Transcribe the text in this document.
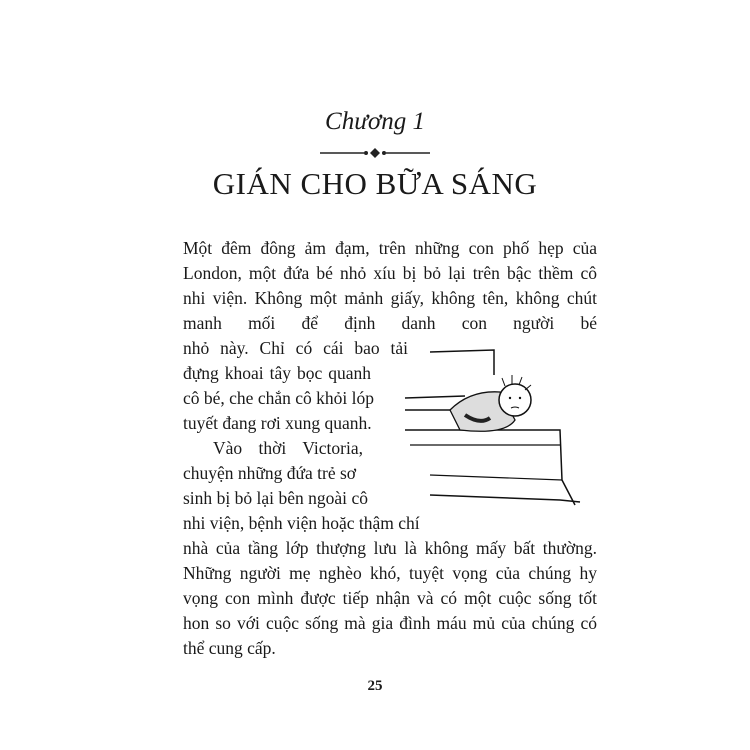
Chương 1
GIÁN CHO BỮA SÁNG
Một đêm đông ảm đạm, trên những con phố hẹp của
London, một đứa bé nhỏ xíu bị bỏ lại trên bậc thềm cô
nhi viện. Không một mảnh giấy, không tên, không chút
manh mối để định danh con người bé
nhỏ này. Chỉ có cái bao tải
đựng khoai tây bọc quanh
cô bé, che chắn cô khỏi lóp
tuyết đang rơi xung quanh.
Vào thời Victoria,
chuyện những đứa trẻ sơ
sinh bị bỏ lại bên ngoài cô
nhi viện, bệnh viện hoặc thậm chí
nhà của tầng lớp thượng lưu là không mấy bất thường.
Những người mẹ nghèo khó, tuyệt vọng của chúng hy
vọng con mình được tiếp nhận và có một cuộc sống tốt
hon so với cuộc sống mà gia đình máu mủ của chúng có
thể cung cấp.
25
